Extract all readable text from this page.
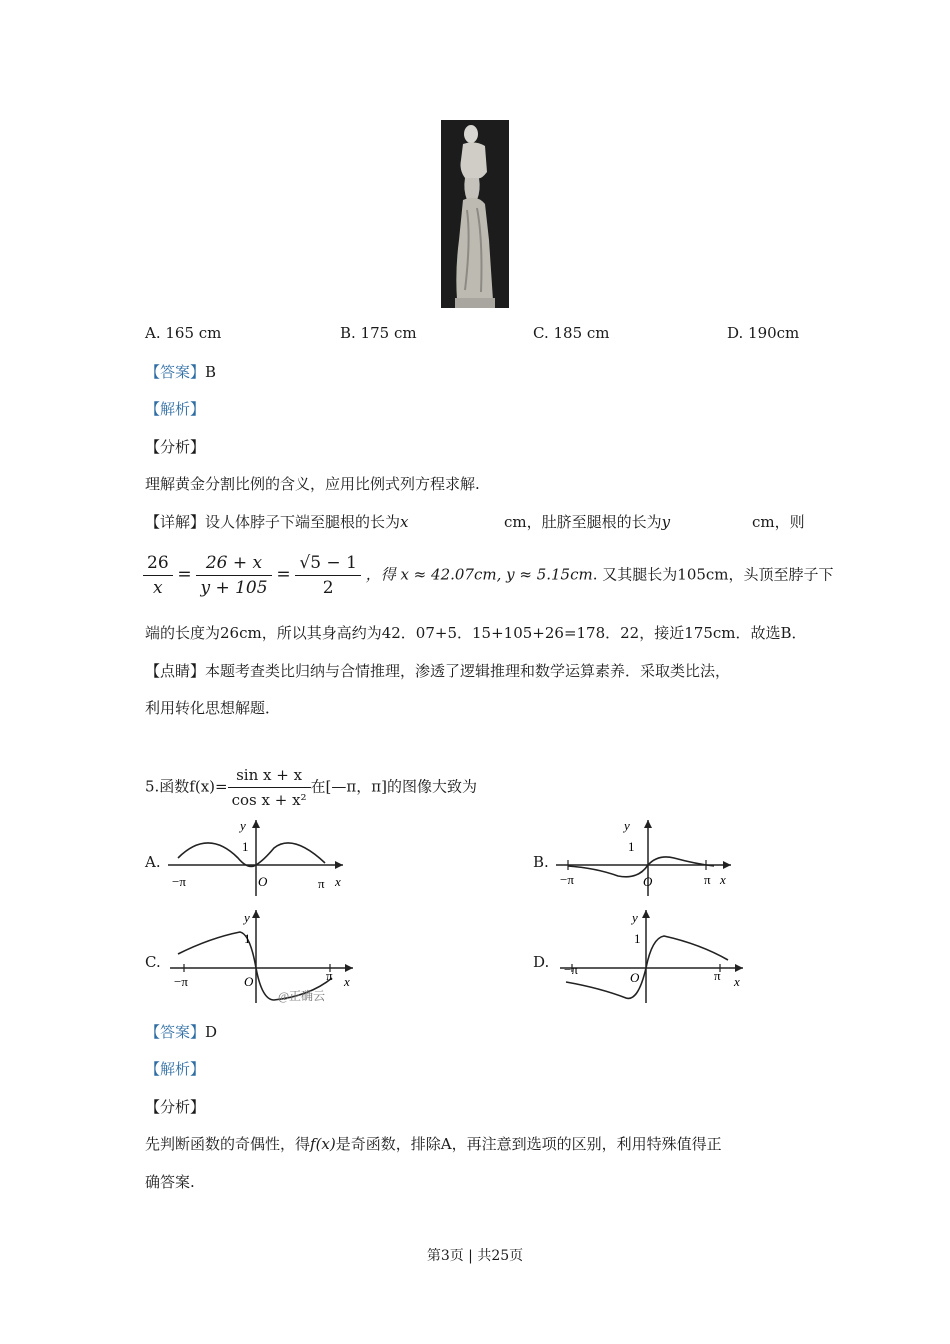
A. 165 cm	B. 175 cm	C. 185 cm	D. 190cm
【答案】B
【解析】
【分析】
理解黄金分割比例的含义，应用比例式列方程求解.
【详解】设人体脖子下端至腿根的长为x	cm，肚脐至腿根的长为y	cm，则
$\frac{26}{x} = \frac{26 + x}{y + 105} = \frac{√5 - 1}{2}$ ，得 x ≈ 42.07cm, y ≈ 5.15cm. 又其腿长为105cm，头顶至脖子下
端的长度为26cm，所以其身高约为42．07+5．15+105+26=178．22，接近175cm．故选B．
【点睛】本题考查类比归纳与合情推理，渗透了逻辑推理和数学运算素养．采取类比法，
利用转化思想解题．
5.函数$f(x)= \frac{\text{sin x + x}}{\text{cos x + x²}}$ 在[—π，π]的图像大致为
A.	B.
C.	D.
y
1
O
−π	π x
y
1
O
−π	π x
y
1
O
−π	π x
@正确云
y
1
O
−π	π x
【答案】D
【解析】
【分析】
先判断函数的奇偶性，得f(x)是奇函数，排除A，再注意到选项的区别，利用特殊值得正
确答案.
第3页 | 共25页
